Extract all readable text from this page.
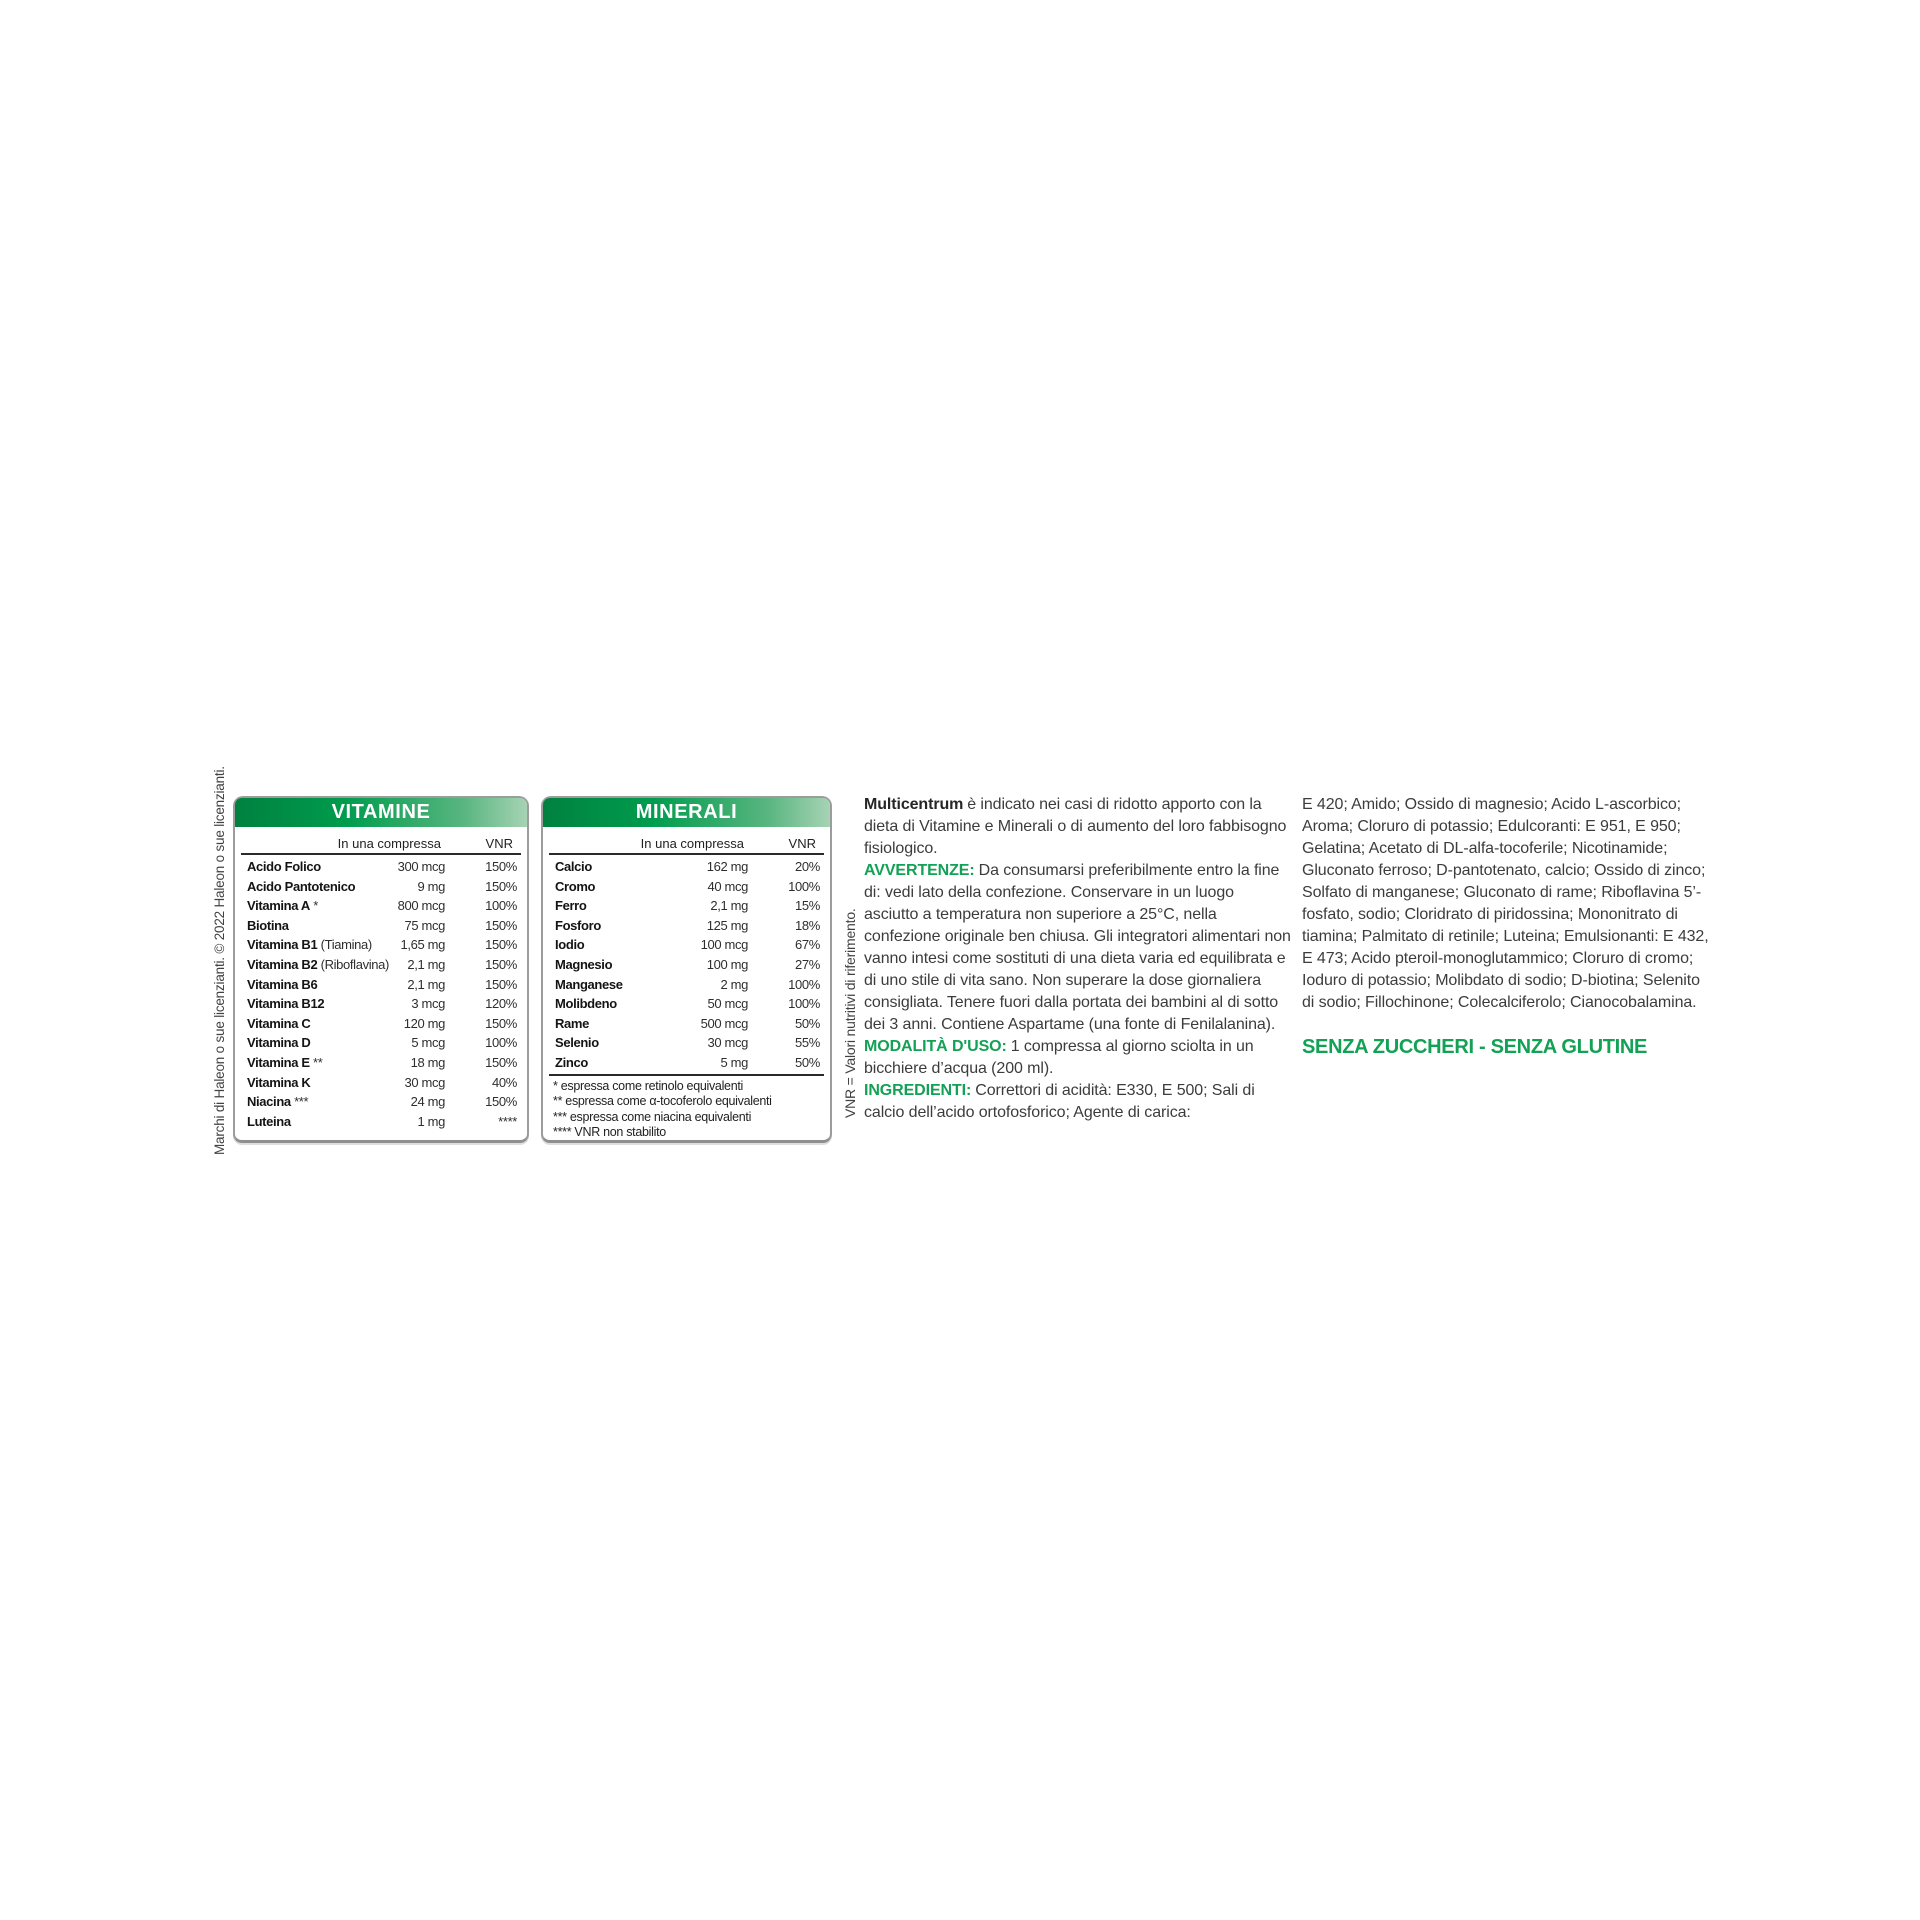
Marchi di Haleon o sue licenzianti. © 2022 Haleon o sue licenzianti.	VITAMINE
In una compressa	VNR
Acido Folico	300 mcg	150%
Acido Pantotenico	9 mg	150%
Vitamina A *	800 mcg	100%
Biotina	75 mcg	150%
Vitamina B1 (Tiamina)	1,65 mg	150%
Vitamina B2 (Riboflavina)	2,1 mg	150%
Vitamina B6	2,1 mg	150%
Vitamina B12	3 mcg	120%
Vitamina C	120 mg	150%
Vitamina D	5 mcg	100%
Vitamina E **	18 mg	150%
Vitamina K	30 mcg	40%
Niacina ***	24 mg	150%
Luteina	1 mg	****
MINERALI
In una compressa	VNR
Calcio	162 mg	20%
Cromo	40 mcg	100%
Ferro	2,1 mg	15%
Fosforo	125 mg	18%
Iodio	100 mcg	67%
Magnesio	100 mg	27%
Manganese	2 mg	100%
Molibdeno	50 mcg	100%
Rame	500 mcg	50%
Selenio	30 mcg	55%
Zinco	5 mg	50%
* espressa come retinolo equivalenti
** espressa come α-tocoferolo equivalenti
*** espressa come niacina equivalenti
**** VNR non stabilito
VNR = Valori nutritivi di riferimento.

Multicentrum è indicato nei casi di ridotto apporto con la dieta di Vitamine e Minerali o di aumento del loro fabbisogno fisiologico.

AVVERTENZE: Da consumarsi preferibilmente entro la fine di: vedi lato della confezione. Conservare in un luogo asciutto a temperatura non superiore a 25°C, nella confezione originale ben chiusa. Gli integratori alimentari non vanno intesi come sostituti di una dieta varia ed equilibrata e di uno stile di vita sano. Non superare la dose giornaliera consigliata. Tenere fuori dalla portata dei bambini al di sotto dei 3 anni. Contiene Aspartame (una fonte di Fenilalanina).

MODALITÀ D'USO: 1 compressa al giorno sciolta in un bicchiere d’acqua (200 ml).

INGREDIENTI: Correttori di acidità: E330, E 500; Sali di calcio dell’acido ortofosforico; Agente di carica:

E 420; Amido; Ossido di magnesio; Acido L-ascorbico; Aroma; Cloruro di potassio; Edulcoranti: E 951, E 950; Gelatina; Acetato di DL-alfa-tocoferile; Nicotinamide; Gluconato ferroso; D-pantotenato, calcio; Ossido di zinco; Solfato di manganese; Gluconato di rame; Riboflavina 5’-fosfato, sodio; Cloridrato di piridossina; Mononitrato di tiamina; Palmitato di retinile; Luteina; Emulsionanti: E 432, E 473; Acido pteroil-monoglutammico; Cloruro di cromo; Ioduro di potassio; Molibdato di sodio; D-biotina; Selenito di sodio; Fillochinone; Colecalciferolo; Cianocobalamina.

SENZA ZUCCHERI - SENZA GLUTINE
